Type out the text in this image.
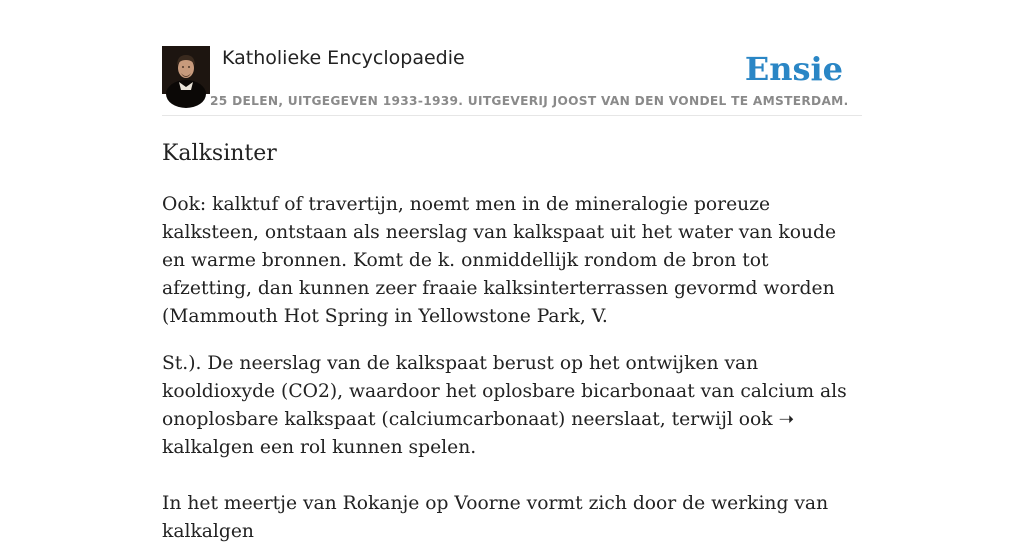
Katholieke Encyclopaedie
25 DELEN, UITGEGEVEN 1933-1939. UITGEVERIJ JOOST VAN DEN VONDEL TE AMSTERDAM.
Ensie
Kalksinter

Ook: kalktuf of travertijn, noemt men in de mineralogie poreuze kalksteen, ontstaan als neerslag van kalkspaat uit het water van koude en warme bronnen. Komt de k. onmiddellijk rondom de bron tot afzetting, dan kunnen zeer fraaie kalksinterterrassen gevormd worden (Mammouth Hot Spring in Yellowstone Park, V.

St.). De neerslag van de kalkspaat berust op het ontwijken van kooldioxyde (CO2), waardoor het oplosbare bicarbonaat van calcium als onoplosbare kalkspaat (calciumcarbonaat) neerslaat, terwijl ook ➝ kalkalgen een rol kunnen spelen.

In het meertje van Rokanje op Voorne vormt zich door de werking van kalkalgen
